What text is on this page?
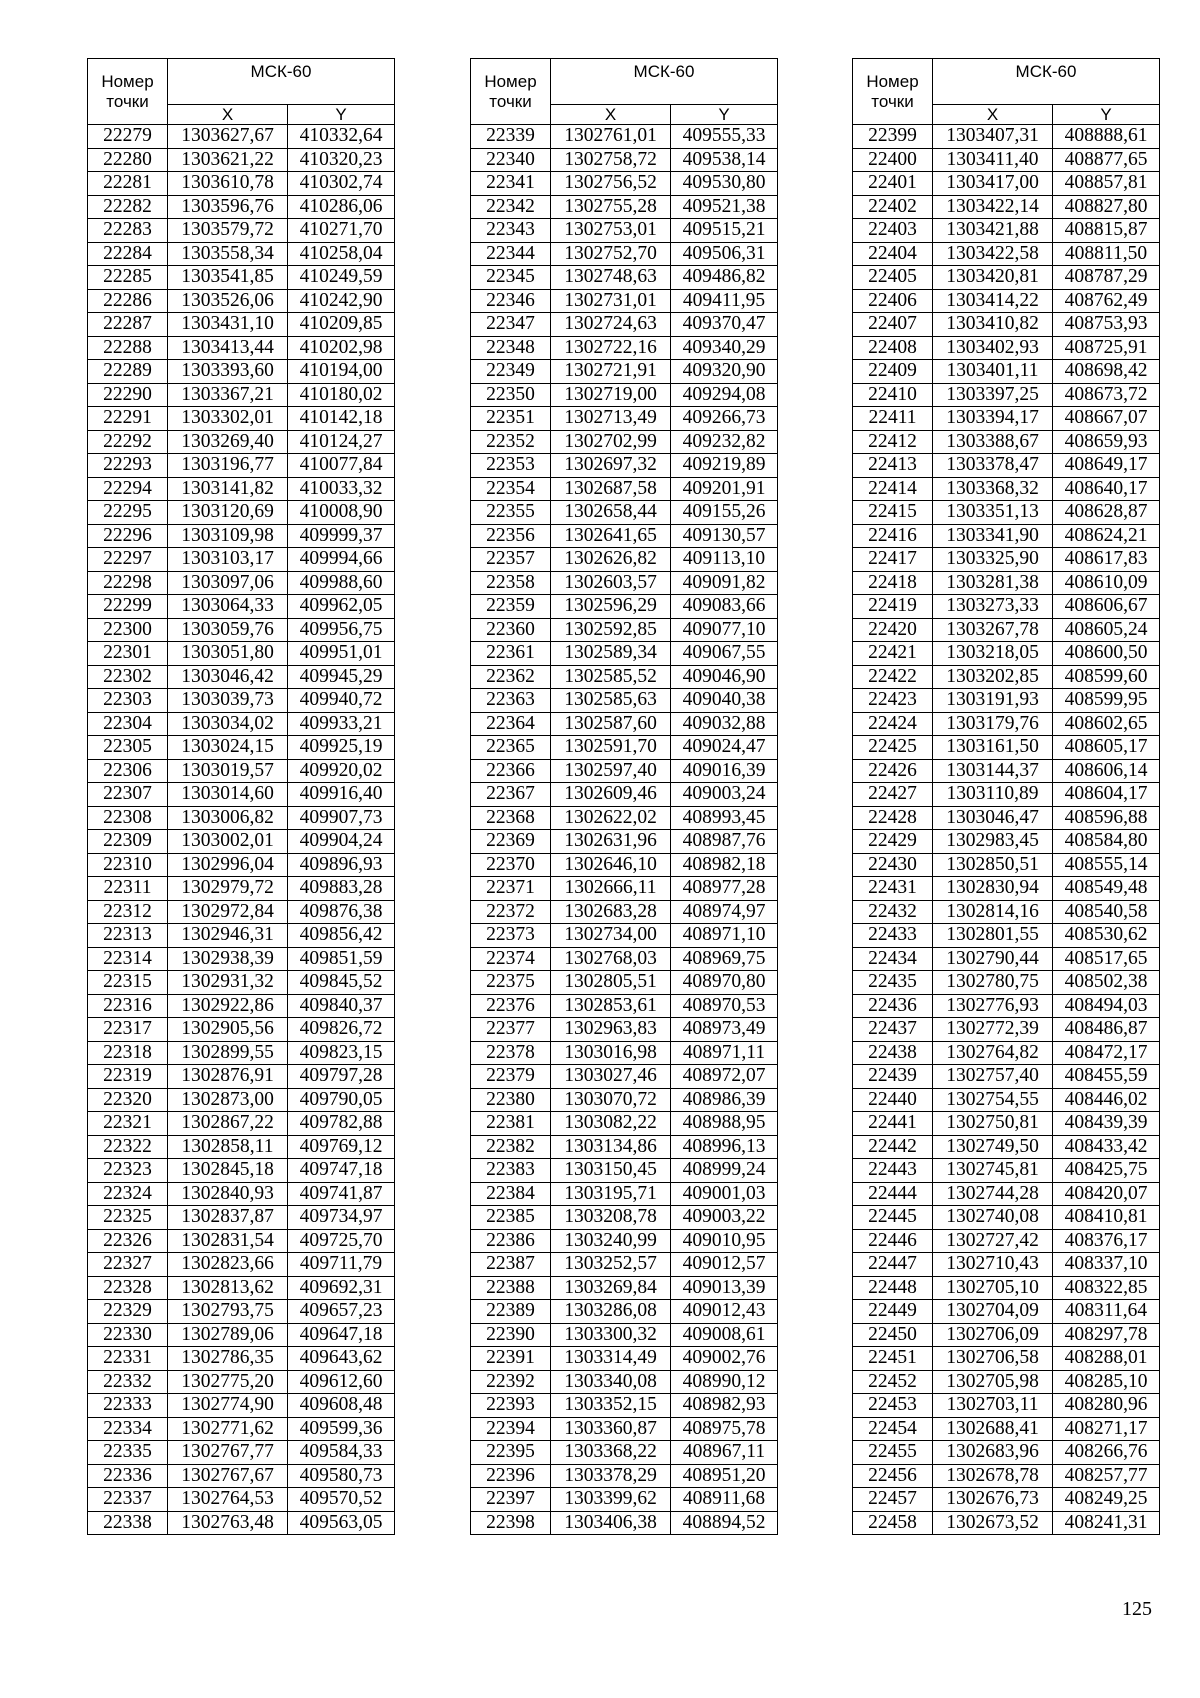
Номер точки	МСК-60	
	X	Y
22279	1303627,67	410332,64
22280	1303621,22	410320,23
22281	1303610,78	410302,74
22282	1303596,76	410286,06
22283	1303579,72	410271,70
22284	1303558,34	410258,04
22285	1303541,85	410249,59
22286	1303526,06	410242,90
22287	1303431,10	410209,85
22288	1303413,44	410202,98
22289	1303393,60	410194,00
22290	1303367,21	410180,02
22291	1303302,01	410142,18
22292	1303269,40	410124,27
22293	1303196,77	410077,84
22294	1303141,82	410033,32
22295	1303120,69	410008,90
22296	1303109,98	409999,37
22297	1303103,17	409994,66
22298	1303097,06	409988,60
22299	1303064,33	409962,05
22300	1303059,76	409956,75
22301	1303051,80	409951,01
22302	1303046,42	409945,29
22303	1303039,73	409940,72
22304	1303034,02	409933,21
22305	1303024,15	409925,19
22306	1303019,57	409920,02
22307	1303014,60	409916,40
22308	1303006,82	409907,73
22309	1303002,01	409904,24
22310	1302996,04	409896,93
22311	1302979,72	409883,28
22312	1302972,84	409876,38
22313	1302946,31	409856,42
22314	1302938,39	409851,59
22315	1302931,32	409845,52
22316	1302922,86	409840,37
22317	1302905,56	409826,72
22318	1302899,55	409823,15
22319	1302876,91	409797,28
22320	1302873,00	409790,05
22321	1302867,22	409782,88
22322	1302858,11	409769,12
22323	1302845,18	409747,18
22324	1302840,93	409741,87
22325	1302837,87	409734,97
22326	1302831,54	409725,70
22327	1302823,66	409711,79
22328	1302813,62	409692,31
22329	1302793,75	409657,23
22330	1302789,06	409647,18
22331	1302786,35	409643,62
22332	1302775,20	409612,60
22333	1302774,90	409608,48
22334	1302771,62	409599,36
22335	1302767,77	409584,33
22336	1302767,67	409580,73
22337	1302764,53	409570,52
22338	1302763,48	409563,05
Номер точки	МСК-60	
	X	Y
22339	1302761,01	409555,33
22340	1302758,72	409538,14
22341	1302756,52	409530,80
22342	1302755,28	409521,38
22343	1302753,01	409515,21
22344	1302752,70	409506,31
22345	1302748,63	409486,82
22346	1302731,01	409411,95
22347	1302724,63	409370,47
22348	1302722,16	409340,29
22349	1302721,91	409320,90
22350	1302719,00	409294,08
22351	1302713,49	409266,73
22352	1302702,99	409232,82
22353	1302697,32	409219,89
22354	1302687,58	409201,91
22355	1302658,44	409155,26
22356	1302641,65	409130,57
22357	1302626,82	409113,10
22358	1302603,57	409091,82
22359	1302596,29	409083,66
22360	1302592,85	409077,10
22361	1302589,34	409067,55
22362	1302585,52	409046,90
22363	1302585,63	409040,38
22364	1302587,60	409032,88
22365	1302591,70	409024,47
22366	1302597,40	409016,39
22367	1302609,46	409003,24
22368	1302622,02	408993,45
22369	1302631,96	408987,76
22370	1302646,10	408982,18
22371	1302666,11	408977,28
22372	1302683,28	408974,97
22373	1302734,00	408971,10
22374	1302768,03	408969,75
22375	1302805,51	408970,80
22376	1302853,61	408970,53
22377	1302963,83	408973,49
22378	1303016,98	408971,11
22379	1303027,46	408972,07
22380	1303070,72	408986,39
22381	1303082,22	408988,95
22382	1303134,86	408996,13
22383	1303150,45	408999,24
22384	1303195,71	409001,03
22385	1303208,78	409003,22
22386	1303240,99	409010,95
22387	1303252,57	409012,57
22388	1303269,84	409013,39
22389	1303286,08	409012,43
22390	1303300,32	409008,61
22391	1303314,49	409002,76
22392	1303340,08	408990,12
22393	1303352,15	408982,93
22394	1303360,87	408975,78
22395	1303368,22	408967,11
22396	1303378,29	408951,20
22397	1303399,62	408911,68
22398	1303406,38	408894,52
Номер точки	МСК-60	
	X	Y
22399	1303407,31	408888,61
22400	1303411,40	408877,65
22401	1303417,00	408857,81
22402	1303422,14	408827,80
22403	1303421,88	408815,87
22404	1303422,58	408811,50
22405	1303420,81	408787,29
22406	1303414,22	408762,49
22407	1303410,82	408753,93
22408	1303402,93	408725,91
22409	1303401,11	408698,42
22410	1303397,25	408673,72
22411	1303394,17	408667,07
22412	1303388,67	408659,93
22413	1303378,47	408649,17
22414	1303368,32	408640,17
22415	1303351,13	408628,87
22416	1303341,90	408624,21
22417	1303325,90	408617,83
22418	1303281,38	408610,09
22419	1303273,33	408606,67
22420	1303267,78	408605,24
22421	1303218,05	408600,50
22422	1303202,85	408599,60
22423	1303191,93	408599,95
22424	1303179,76	408602,65
22425	1303161,50	408605,17
22426	1303144,37	408606,14
22427	1303110,89	408604,17
22428	1303046,47	408596,88
22429	1302983,45	408584,80
22430	1302850,51	408555,14
22431	1302830,94	408549,48
22432	1302814,16	408540,58
22433	1302801,55	408530,62
22434	1302790,44	408517,65
22435	1302780,75	408502,38
22436	1302776,93	408494,03
22437	1302772,39	408486,87
22438	1302764,82	408472,17
22439	1302757,40	408455,59
22440	1302754,55	408446,02
22441	1302750,81	408439,39
22442	1302749,50	408433,42
22443	1302745,81	408425,75
22444	1302744,28	408420,07
22445	1302740,08	408410,81
22446	1302727,42	408376,17
22447	1302710,43	408337,10
22448	1302705,10	408322,85
22449	1302704,09	408311,64
22450	1302706,09	408297,78
22451	1302706,58	408288,01
22452	1302705,98	408285,10
22453	1302703,11	408280,96
22454	1302688,41	408271,17
22455	1302683,96	408266,76
22456	1302678,78	408257,77
22457	1302676,73	408249,25
22458	1302673,52	408241,31
125
